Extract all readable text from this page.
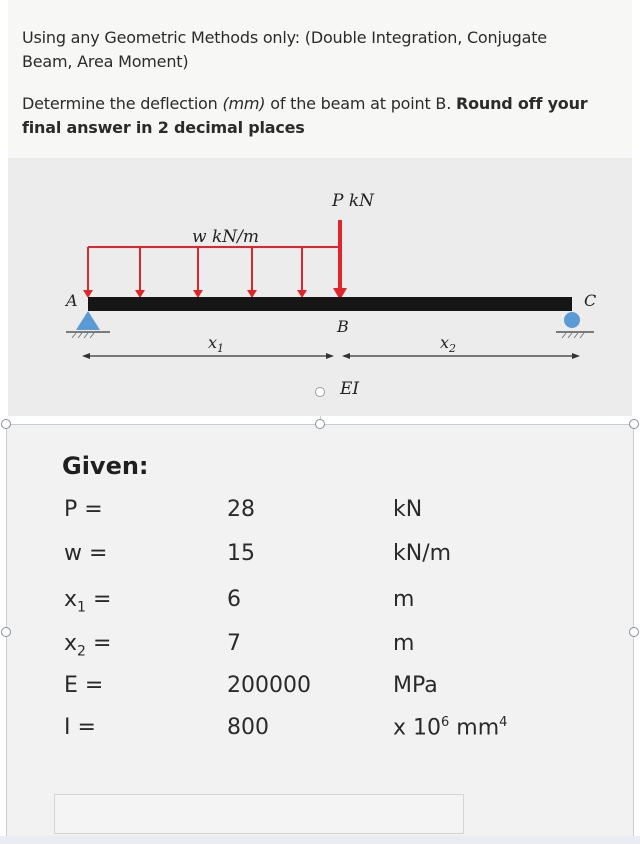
Using any Geometric Methods only: (Double Integration, Conjugate
Beam, Area Moment)
Determine the deflection (mm) of the beam at point B. Round off your
final answer in 2 decimal places
P kN
w kN/m
A	C
B
$x_1$	$x_2$
EI
Given:
P =	28	kN
w =	15	kN/m
$x_1$ =	6	m
$x_2$ =	7	m
E =	200000	MPa
I =	800	x $10^6$ $mm^4$
